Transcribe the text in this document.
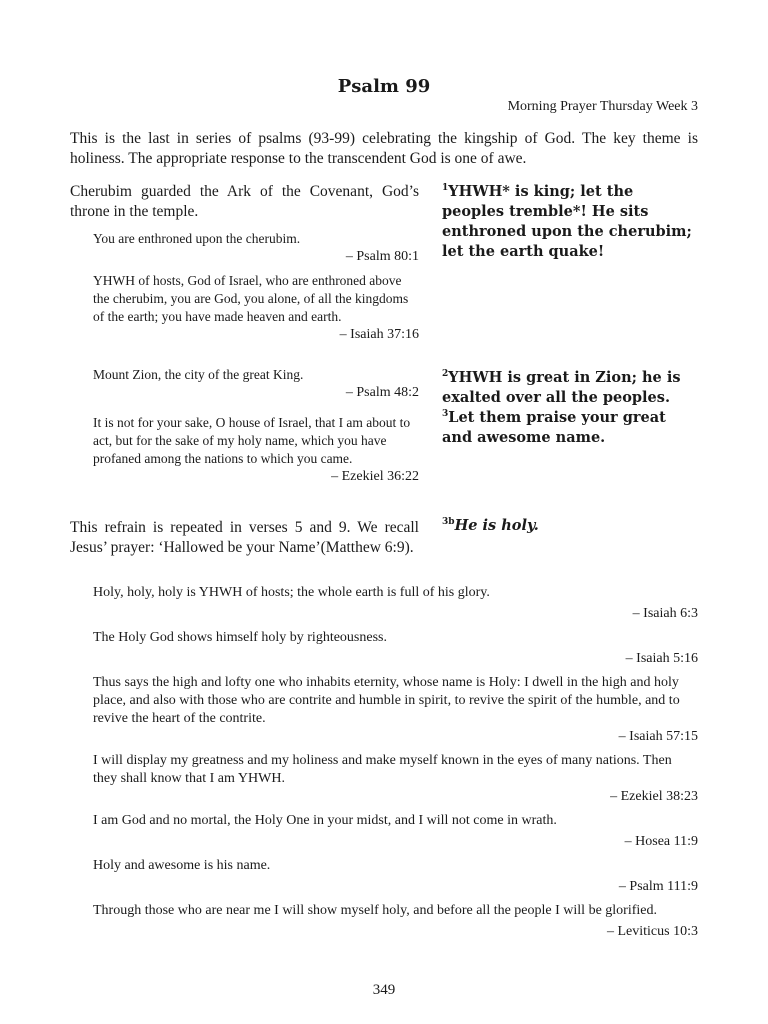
Psalm 99
Morning Prayer Thursday Week 3
This is the last in series of psalms (93-99) celebrating the kingship of God. The key theme is holiness. The appropriate response to the transcendent God is one of awe.
Cherubim guarded the Ark of the Covenant, God’s throne in the temple.

You are enthroned upon the cherubim.

– Psalm 80:1

YHWH of hosts, God of Israel, who are enthroned above the cherubim, you are God, you alone, of all the kingdoms of the earth; you have made heaven and earth.

– Isaiah 37:16
$^1$YHWH* is king; let the peoples tremble*! He sits enthroned upon the cherubim; let the earth quake!

Mount Zion, the city of the great King.

– Psalm 48:2

It is not for your sake, O house of Israel, that I am about to act, but for the sake of my holy name, which you have profaned among the nations to which you came.

– Ezekiel 36:22
$^2$YHWH is great in Zion; he is exalted over all the peoples. $^3$Let them praise your great and awesome name.
This refrain is repeated in verses 5 and 9. We recall Jesus’ prayer: ‘Hallowed be your Name’(Matthew 6:9).
$^{3b}$He is holy.

Holy, holy, holy is YHWH of hosts; the whole earth is full of his glory.

– Isaiah 6:3

The Holy God shows himself holy by righteousness.

– Isaiah 5:16

Thus says the high and lofty one who inhabits eternity, whose name is Holy: I dwell in the high and holy place, and also with those who are contrite and humble in spirit, to revive the spirit of the humble, and to revive the heart of the contrite.

– Isaiah 57:15

I will display my greatness and my holiness and make myself known in the eyes of many nations. Then they shall know that I am YHWH.

– Ezekiel 38:23

I am God and no mortal, the Holy One in your midst, and I will not come in wrath.

– Hosea 11:9

Holy and awesome is his name.

– Psalm 111:9

Through those who are near me I will show myself holy, and before all the people I will be glorified.

– Leviticus 10:3
349
